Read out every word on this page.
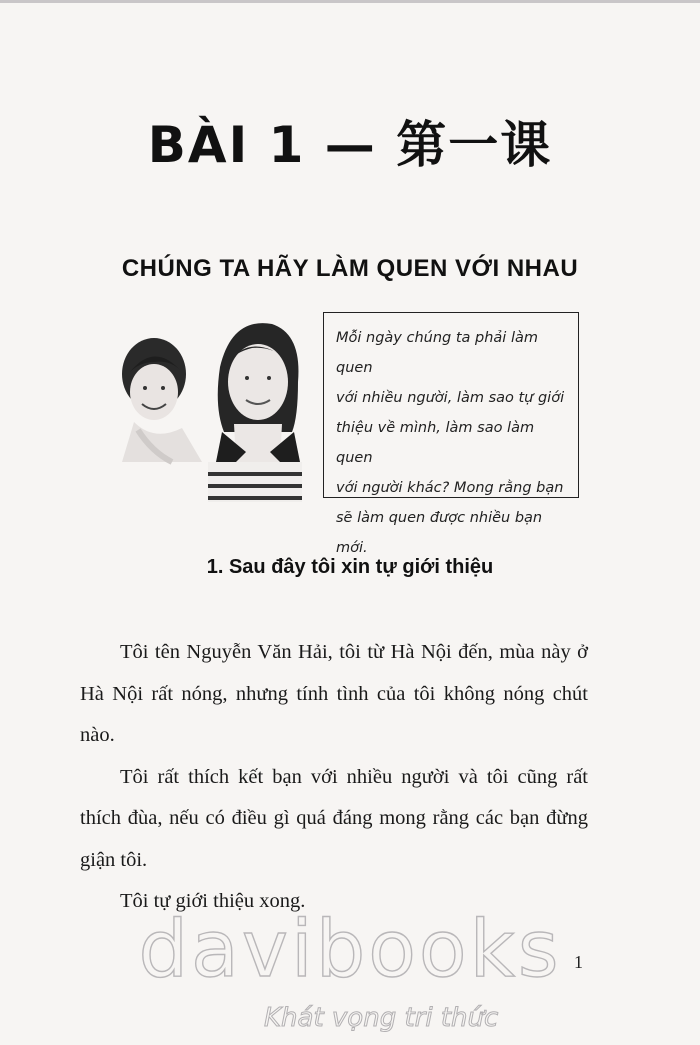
BÀI 1 — 第一课
CHÚNG TA HÃY LÀM QUEN VỚI NHAU
Mỗi ngày chúng ta phải làm quen
với nhiều người, làm sao tự giới
thiệu về mình, làm sao làm quen
với người khác? Mong rằng bạn
sẽ làm quen được nhiều bạn mới.
1. Sau đây tôi xin tự giới thiệu

Tôi tên Nguyễn Văn Hải, tôi từ Hà Nội đến, mùa này ở Hà Nội rất nóng, nhưng tính tình của tôi không nóng chút nào.

Tôi rất thích kết bạn với nhiều người và tôi cũng rất thích đùa, nếu có điều gì quá đáng mong rằng các bạn đừng giận tôi.

Tôi tự giới thiệu xong.

davibooks 1
Khát vọng tri thức
